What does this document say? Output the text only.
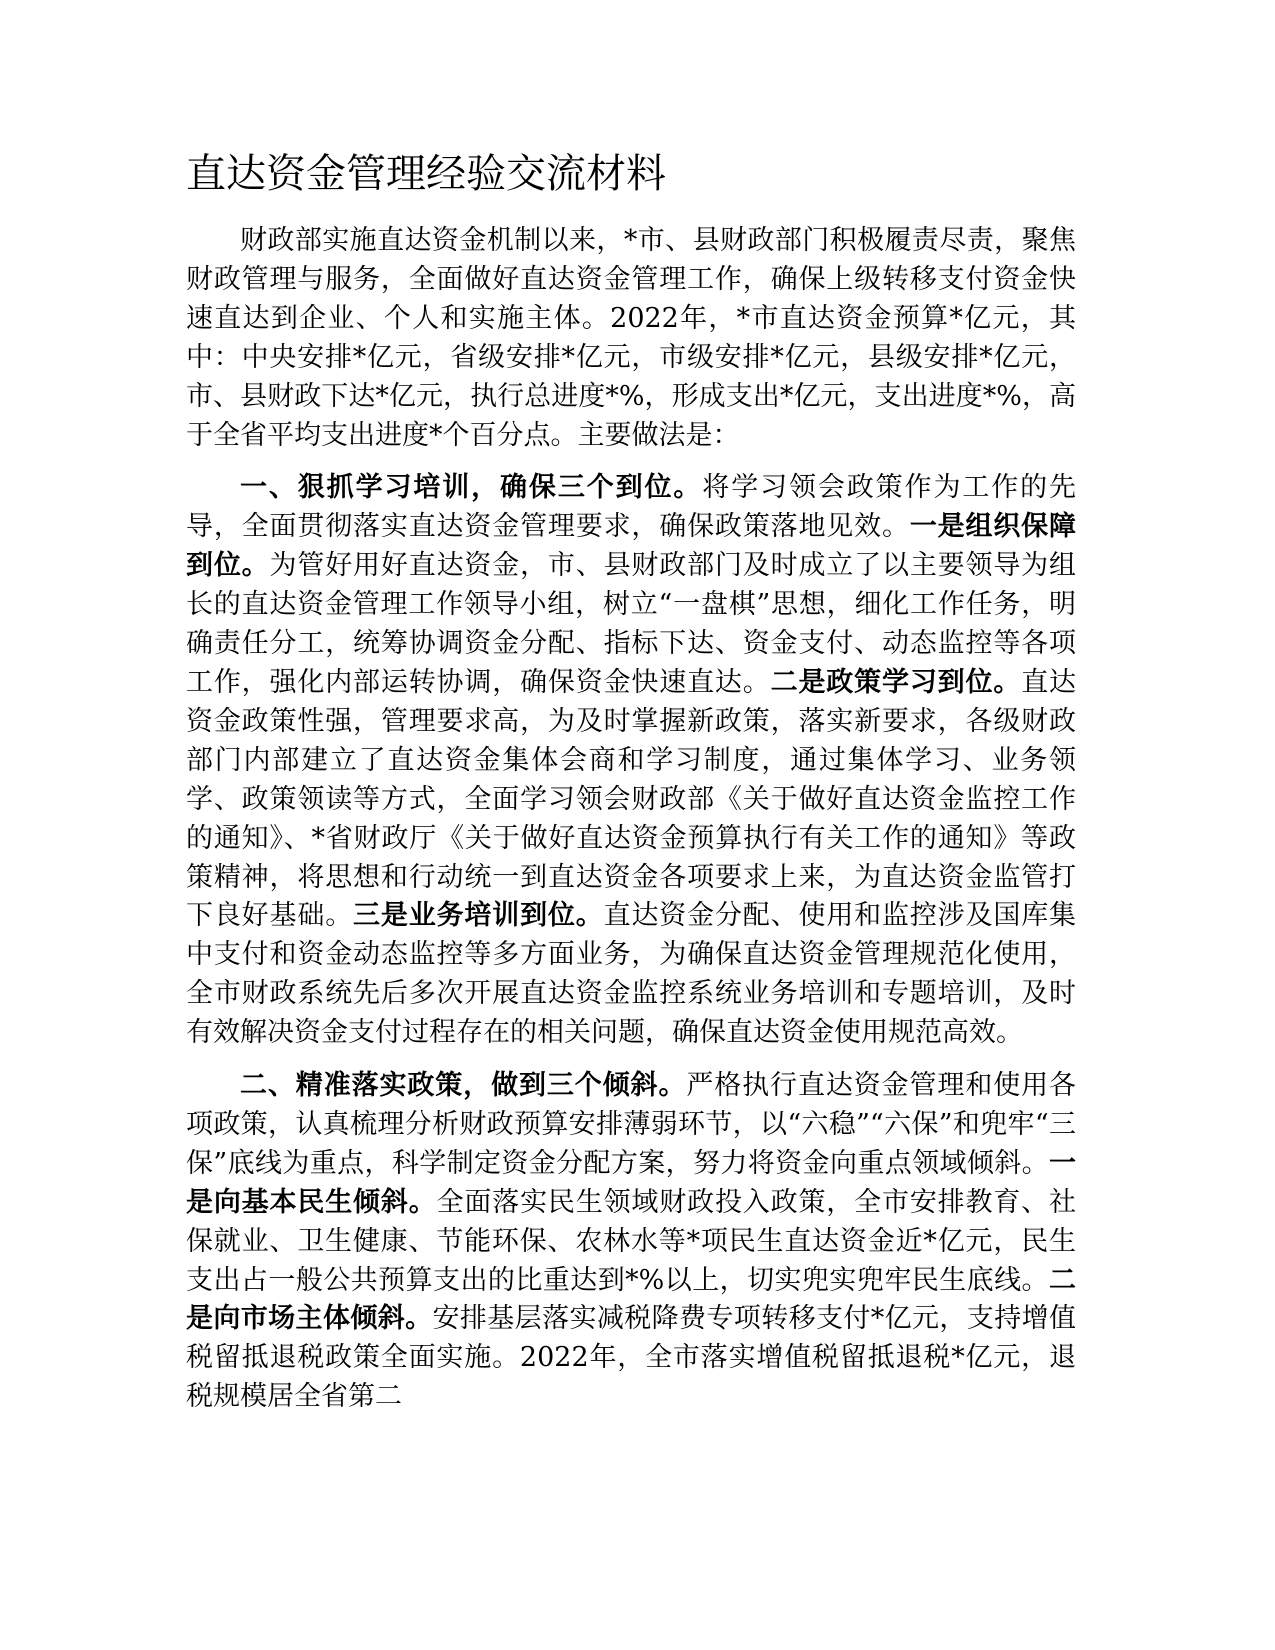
直达资金管理经验交流材料

财政部实施直达资金机制以来，*市、县财政部门积极履责尽责，聚焦财政管理与服务，全面做好直达资金管理工作，确保上级转移支付资金快速直达到企业、个人和实施主体。2022年，*市直达资金预算*亿元，其中：中央安排*亿元，省级安排*亿元，市级安排*亿元，县级安排*亿元，市、县财政下达*亿元，执行总进度*%，形成支出*亿元，支出进度*%，高于全省平均支出进度*个百分点。主要做法是：

一、狠抓学习培训，确保三个到位。将学习领会政策作为工作的先导，全面贯彻落实直达资金管理要求，确保政策落地见效。一是组织保障到位。为管好用好直达资金，市、县财政部门及时成立了以主要领导为组长的直达资金管理工作领导小组，树立“一盘棋”思想，细化工作任务，明确责任分工，统筹协调资金分配、指标下达、资金支付、动态监控等各项工作，强化内部运转协调，确保资金快速直达。二是政策学习到位。直达资金政策性强，管理要求高，为及时掌握新政策，落实新要求，各级财政部门内部建立了直达资金集体会商和学习制度，通过集体学习、业务领学、政策领读等方式，全面学习领会财政部《关于做好直达资金监控工作的通知》、*省财政厅《关于做好直达资金预算执行有关工作的通知》等政策精神，将思想和行动统一到直达资金各项要求上来，为直达资金监管打下良好基础。三是业务培训到位。直达资金分配、使用和监控涉及国库集中支付和资金动态监控等多方面业务，为确保直达资金管理规范化使用，全市财政系统先后多次开展直达资金监控系统业务培训和专题培训，及时有效解决资金支付过程存在的相关问题，确保直达资金使用规范高效。

二、精准落实政策，做到三个倾斜。严格执行直达资金管理和使用各项政策，认真梳理分析财政预算安排薄弱环节，以“六稳”“六保”和兜牢“三保”底线为重点，科学制定资金分配方案，努力将资金向重点领域倾斜。一是向基本民生倾斜。全面落实民生领域财政投入政策，全市安排教育、社保就业、卫生健康、节能环保、农林水等*项民生直达资金近*亿元，民生支出占一般公共预算支出的比重达到*%以上，切实兜实兜牢民生底线。二是向市场主体倾斜。安排基层落实减税降费专项转移支付*亿元，支持增值税留抵退税政策全面实施。2022年，全市落实增值税留抵退税*亿元，退税规模居全省第二
